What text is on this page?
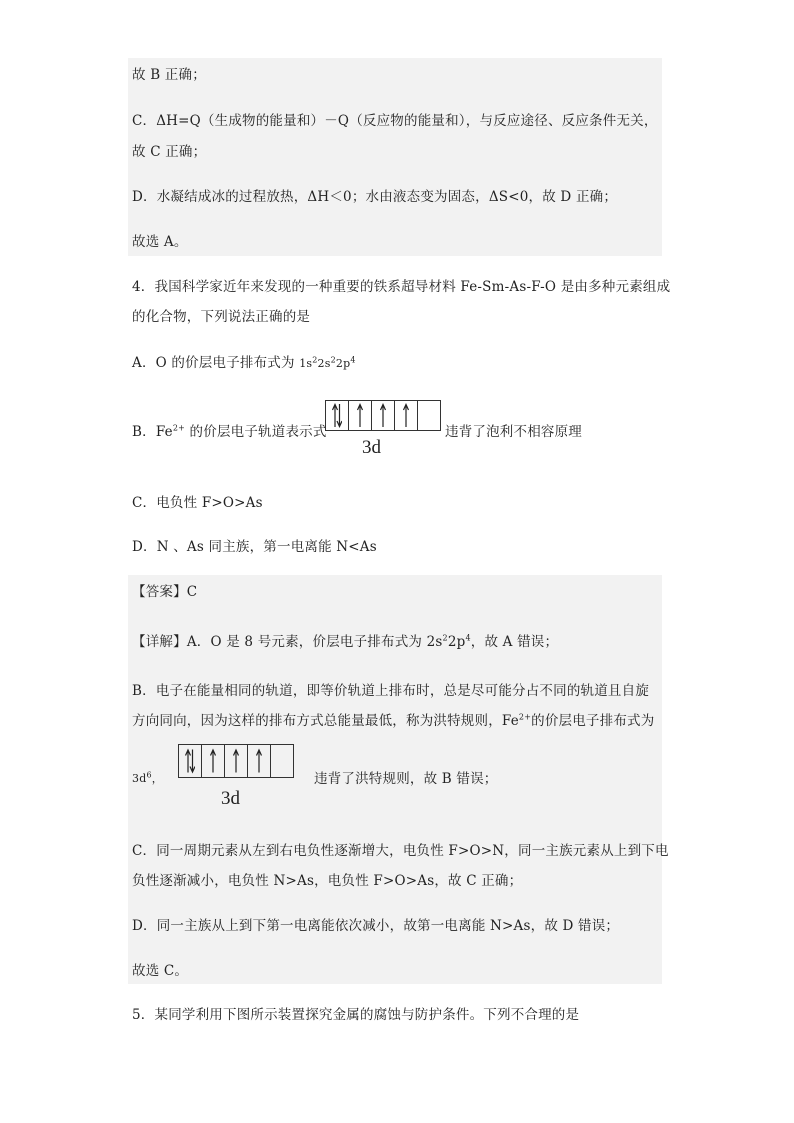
故 B 正确；
C．ΔH=Q（生成物的能量和）－Q（反应物的能量和），与反应途径、反应条件无关，
故 C 正确；
D．水凝结成冰的过程放热，ΔH＜0；水由液态变为固态，ΔS<0，故 D 正确；
故选 A。
4．我国科学家近年来发现的一种重要的铁系超导材料 Fe-Sm-As-F-O 是由多种元素组成
的化合物，下列说法正确的是
A．O 的价层电子排布式为 $1s^22s^22p^4$
B．$Fe^{2+}$ 的价层电子轨道表示式
3d
违背了泡利不相容原理
C．电负性 F>O>As
D．N 、As 同主族，第一电离能 N<As
【答案】C
【详解】A．O 是 8 号元素，价层电子排布式为 $2s^22p^4$，故 A 错误；
B．电子在能量相同的轨道，即等价轨道上排布时，总是尽可能分占不同的轨道且自旋
方向同向，因为这样的排布方式总能量最低，称为洪特规则，$Fe^{2+}$的价层电子排布式为
$3d^6$，
3d
违背了洪特规则，故 B 错误；
C．同一周期元素从左到右电负性逐渐增大，电负性 F>O>N，同一主族元素从上到下电
负性逐渐减小，电负性 N>As，电负性 F>O>As，故 C 正确；
D．同一主族从上到下第一电离能依次减小，故第一电离能 N>As，故 D 错误；
故选 C。
5．某同学利用下图所示装置探究金属的腐蚀与防护条件。下列不合理的是
